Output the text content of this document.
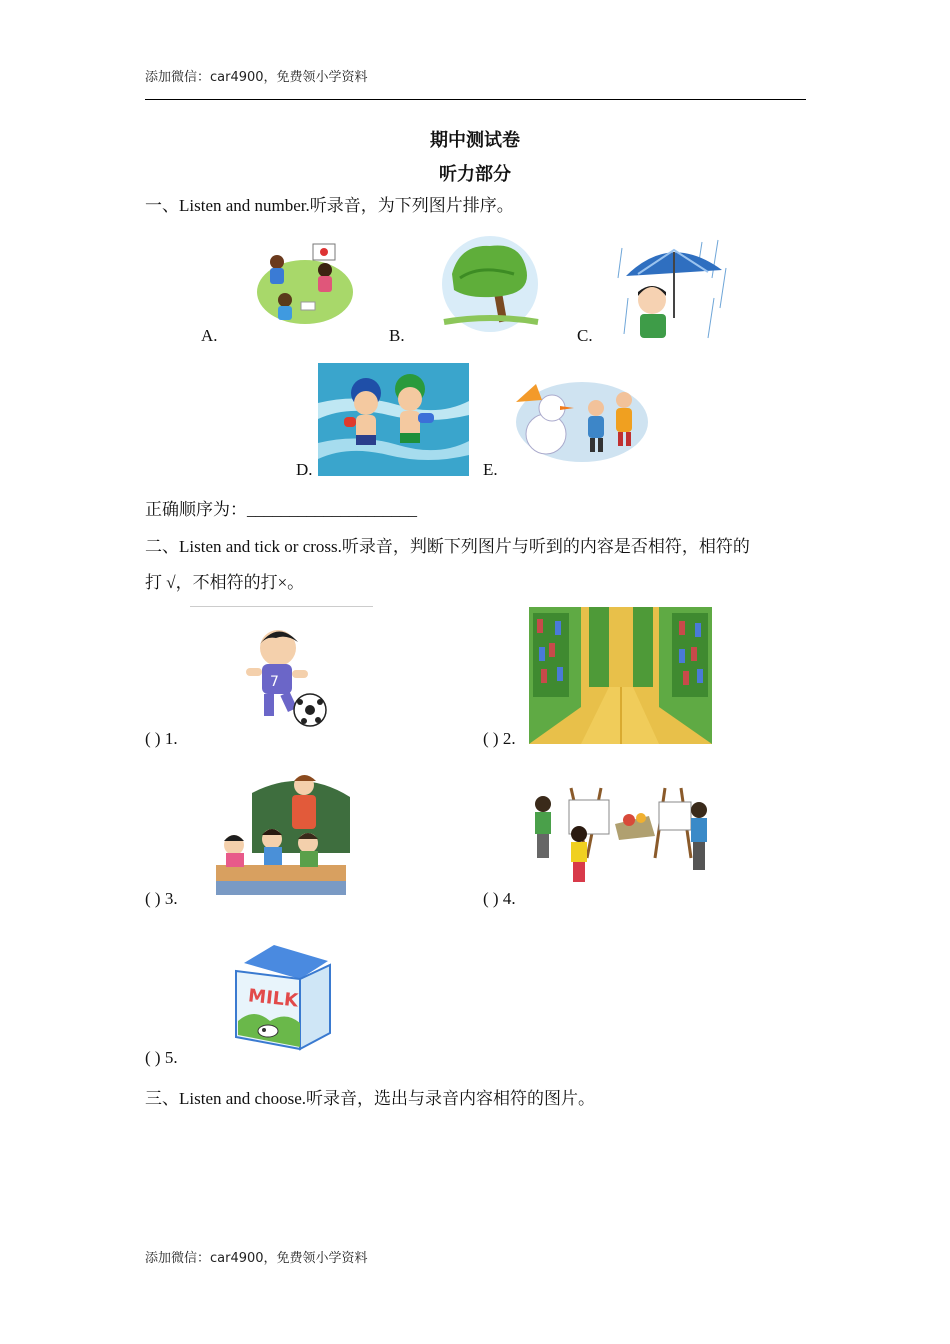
添加微信：car4900，免费领小学资料
期中测试卷
听力部分
一、Listen and number.听录音，为下列图片排序。
A.	B.	C.
D.	E.
正确顺序为：____________________
二、Listen and tick or cross.听录音，判断下列图片与听到的内容是否相符，相符的
打 √，不相符的打×。
( ) 1.
7
( ) 2.
( ) 3.	( ) 4.
( ) 5.
MILK
三、Listen and choose.听录音，选出与录音内容相符的图片。
添加微信：car4900，免费领小学资料
